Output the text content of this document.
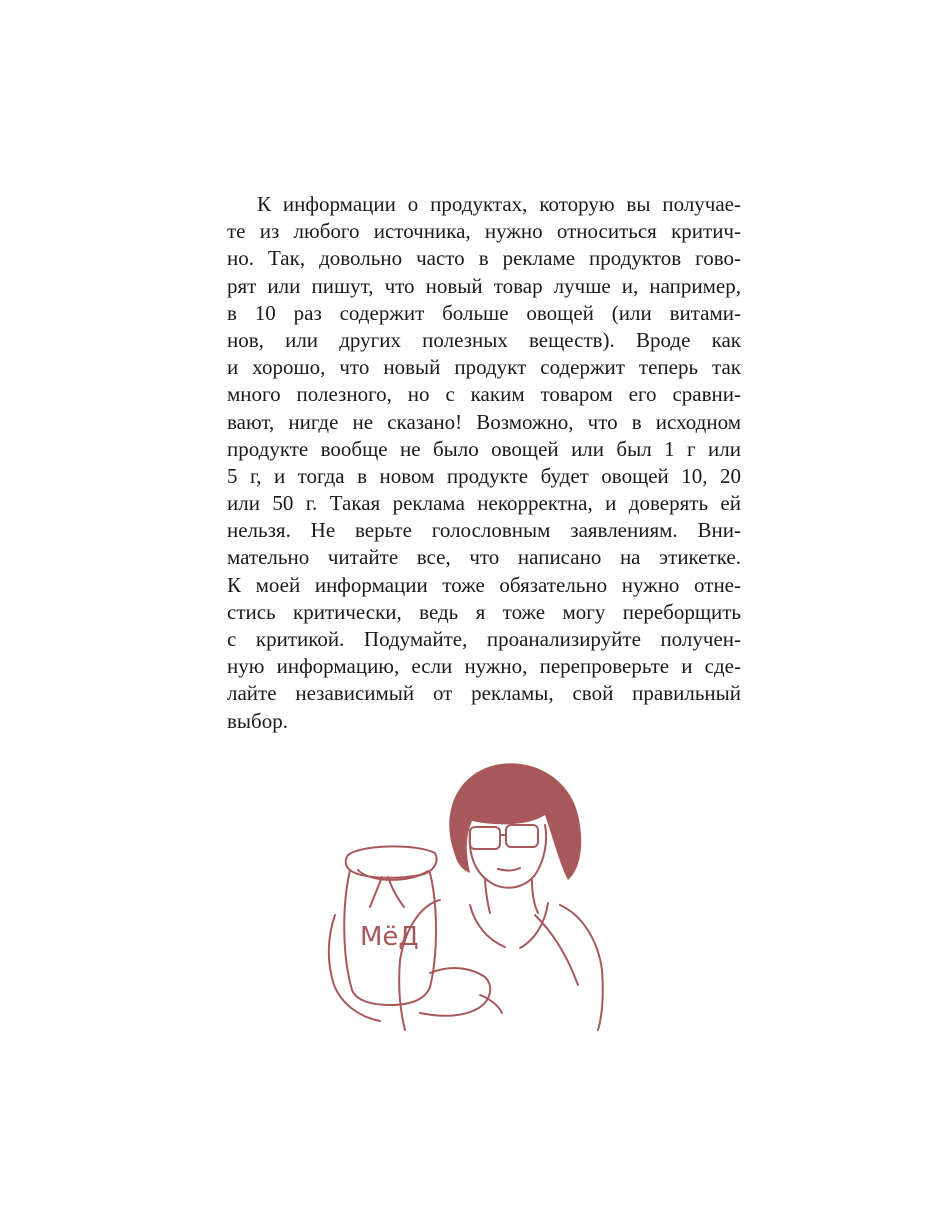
К информации о продуктах, которую вы получае-
те из любого источника, нужно относиться критич-
но. Так, довольно часто в рекламе продуктов гово-
рят или пишут, что новый товар лучше и, например,
в 10 раз содержит больше овощей (или витами-
нов, или других полезных веществ). Вроде как
и хорошо, что новый продукт содержит теперь так
много полезного, но с каким товаром его сравни-
вают, нигде не сказано! Возможно, что в исходном
продукте вообще не было овощей или был 1 г или
5 г, и тогда в новом продукте будет овощей 10, 20
или 50 г. Такая реклама некорректна, и доверять ей
нельзя. Не верьте голословным заявлениям. Вни-
мательно читайте все, что написано на этикетке.
К моей информации тоже обязательно нужно отне-
стись критически, ведь я тоже могу переборщить
с критикой. Подумайте, проанализируйте получен-
ную информацию, если нужно, перепроверьте и сде-
лайте независимый от рекламы, свой правильный
выбор.
МёД
